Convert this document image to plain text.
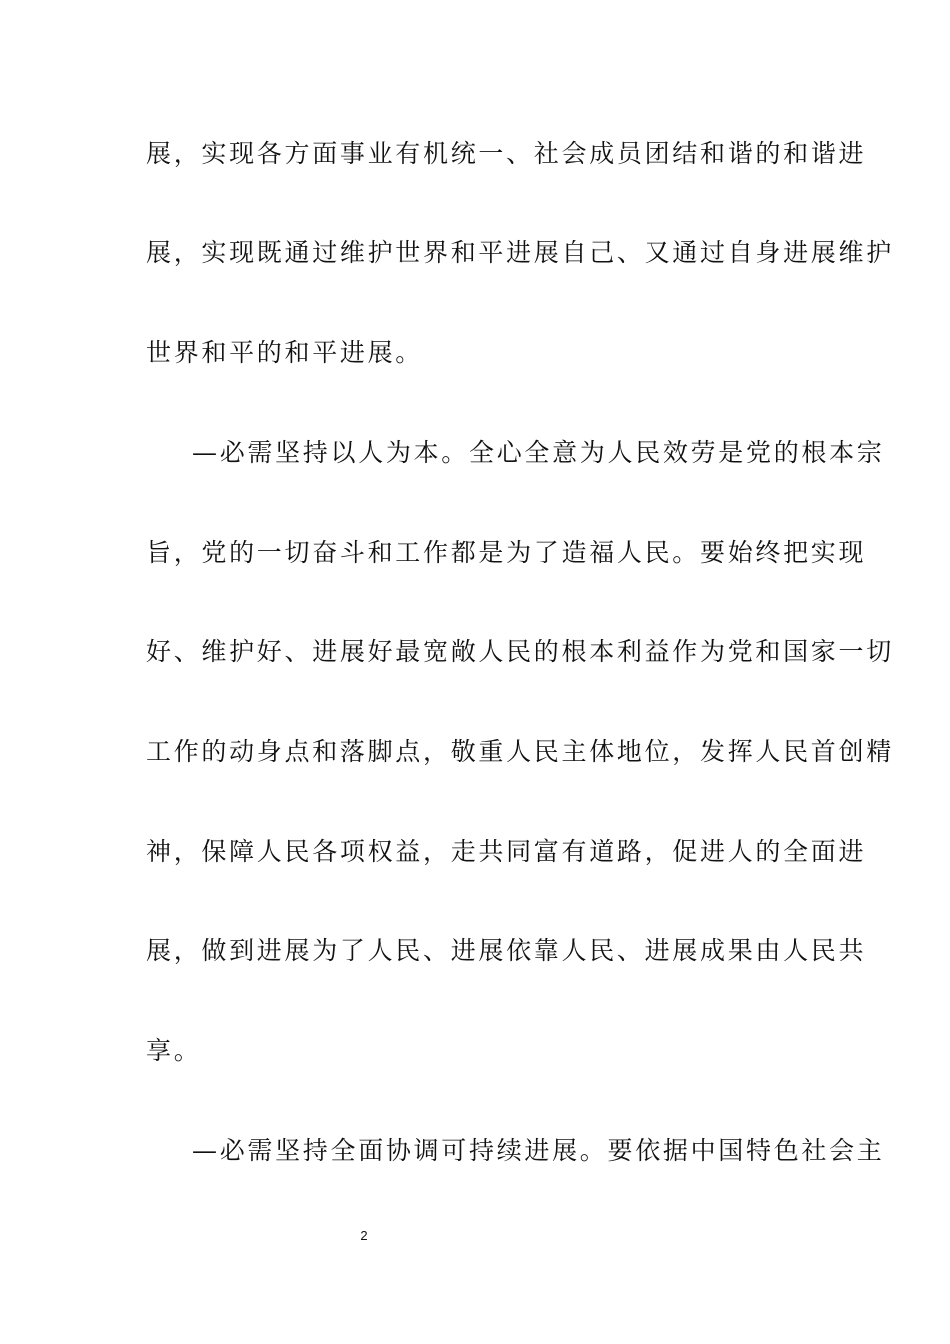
展，实现各方面事业有机统一、社会成员团结和谐的和谐进
展，实现既通过维护世界和平进展自己、又通过自身进展维护
世界和平的和平进展。
—必需坚持以人为本。全心全意为人民效劳是党的根本宗
旨，党的一切奋斗和工作都是为了造福人民。要始终把实现
好、维护好、进展好最宽敞人民的根本利益作为党和国家一切
工作的动身点和落脚点，敬重人民主体地位，发挥人民首创精
神，保障人民各项权益，走共同富有道路，促进人的全面进
展，做到进展为了人民、进展依靠人民、进展成果由人民共
享。
—必需坚持全面协调可持续进展。要依据中国特色社会主
2
